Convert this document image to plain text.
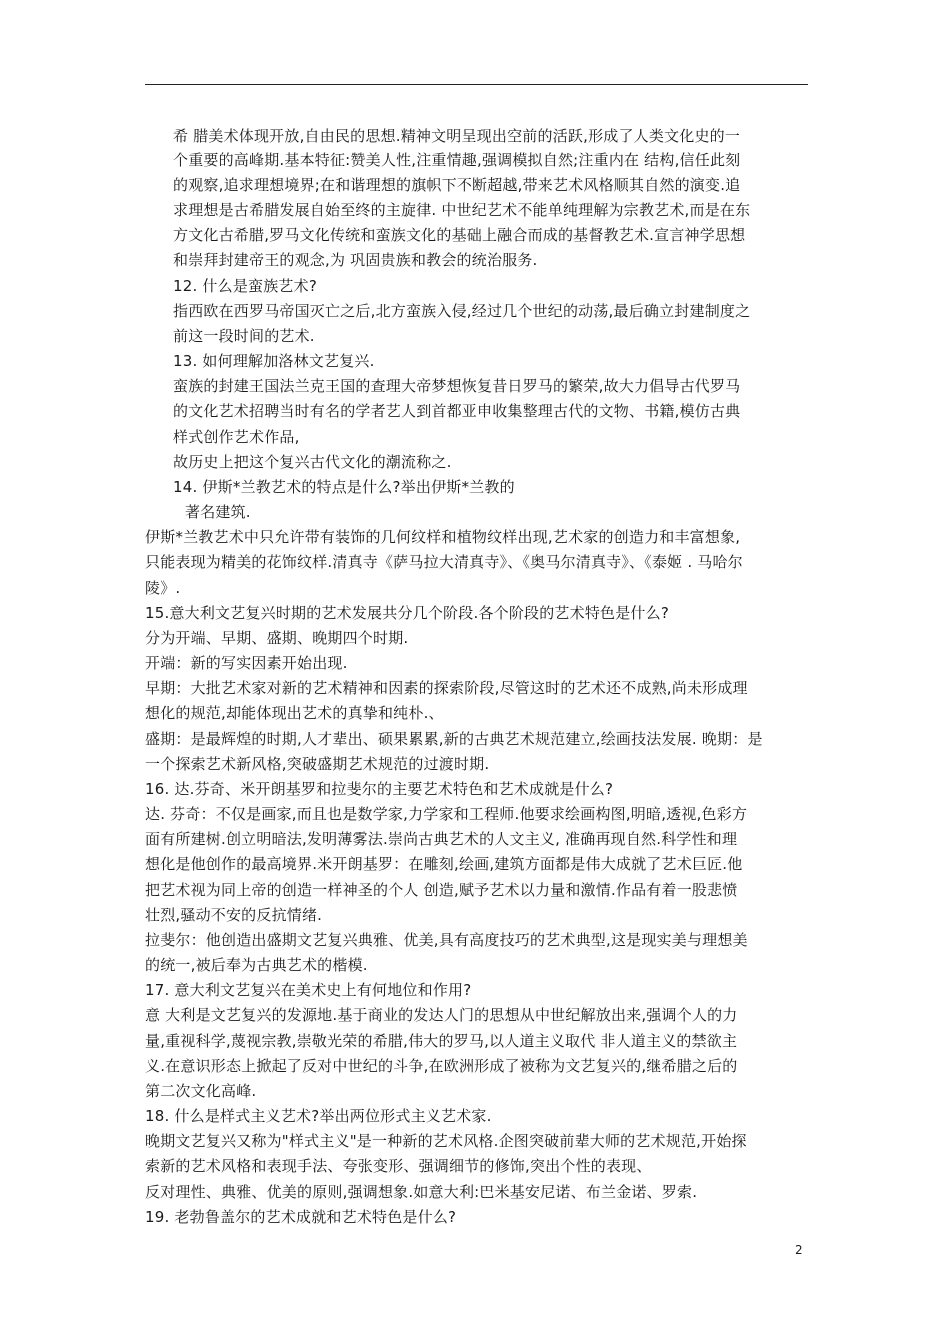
希 腊美术体现开放,自由民的思想.精神文明呈现出空前的活跃,形成了人类文化史的一
个重要的高峰期.基本特征:赞美人性,注重情趣,强调模拟自然;注重内在 结构,信任此刻
的观察,追求理想境界;在和谐理想的旗帜下不断超越,带来艺术风格顺其自然的演变.追
求理想是古希腊发展自始至终的主旋律. 中世纪艺术不能单纯理解为宗教艺术,而是在东
方文化古希腊,罗马文化传统和蛮族文化的基础上融合而成的基督教艺术.宣言神学思想
和崇拜封建帝王的观念,为 巩固贵族和教会的统治服务.
12. 什么是蛮族艺术?
指西欧在西罗马帝国灭亡之后,北方蛮族入侵,经过几个世纪的动荡,最后确立封建制度之
前这一段时间的艺术.
13. 如何理解加洛林文艺复兴.
蛮族的封建王国法兰克王国的查理大帝梦想恢复昔日罗马的繁荣,故大力倡导古代罗马
的文化艺术招聘当时有名的学者艺人到首都亚申收集整理古代的文物、书籍,模仿古典
样式创作艺术作品,
故历史上把这个复兴古代文化的潮流称之.
14. 伊斯*兰教艺术的特点是什么?举出伊斯*兰教的
著名建筑.
伊斯*兰教艺术中只允许带有装饰的几何纹样和植物纹样出现,艺术家的创造力和丰富想象,
只能表现为精美的花饰纹样.清真寺《萨马拉大清真寺》、《奥马尔清真寺》、《泰姬 . 马哈尔
陵》.
15.意大利文艺复兴时期的艺术发展共分几个阶段.各个阶段的艺术特色是什么?
分为开端、早期、盛期、晚期四个时期.
开端：新的写实因素开始出现.
早期：大批艺术家对新的艺术精神和因素的探索阶段,尽管这时的艺术还不成熟,尚未形成理
想化的规范,却能体现出艺术的真挚和纯朴.、
盛期：是最辉煌的时期,人才辈出、硕果累累,新的古典艺术规范建立,绘画技法发展. 晚期：是
一个探索艺术新风格,突破盛期艺术规范的过渡时期.
16. 达.芬奇、米开朗基罗和拉斐尔的主要艺术特色和艺术成就是什么?
达. 芬奇：不仅是画家,而且也是数学家,力学家和工程师.他要求绘画构图,明暗,透视,色彩方
面有所建树.创立明暗法,发明薄雾法.崇尚古典艺术的人文主义, 准确再现自然.科学性和理
想化是他创作的最高境界.米开朗基罗：在雕刻,绘画,建筑方面都是伟大成就了艺术巨匠.他
把艺术视为同上帝的创造一样神圣的个人 创造,赋予艺术以力量和激情.作品有着一股悲愤
壮烈,骚动不安的反抗情绪.
拉斐尔：他创造出盛期文艺复兴典雅、优美,具有高度技巧的艺术典型,这是现实美与理想美
的统一,被后奉为古典艺术的楷模.
17. 意大利文艺复兴在美术史上有何地位和作用?
意 大利是文艺复兴的发源地.基于商业的发达人门的思想从中世纪解放出来,强调个人的力
量,重视科学,蔑视宗教,崇敬光荣的希腊,伟大的罗马,以人道主义取代 非人道主义的禁欲主
义.在意识形态上掀起了反对中世纪的斗争,在欧洲形成了被称为文艺复兴的,继希腊之后的
第二次文化高峰.
18. 什么是样式主义艺术?举出两位形式主义艺术家.
晚期文艺复兴又称为"样式主义"是一种新的艺术风格.企图突破前辈大师的艺术规范,开始探
索新的艺术风格和表现手法、夸张变形、强调细节的修饰,突出个性的表现、
反对理性、典雅、优美的原则,强调想象.如意大利:巴米基安尼诺、布兰金诺、罗索.
19. 老勃鲁盖尔的艺术成就和艺术特色是什么?
2
